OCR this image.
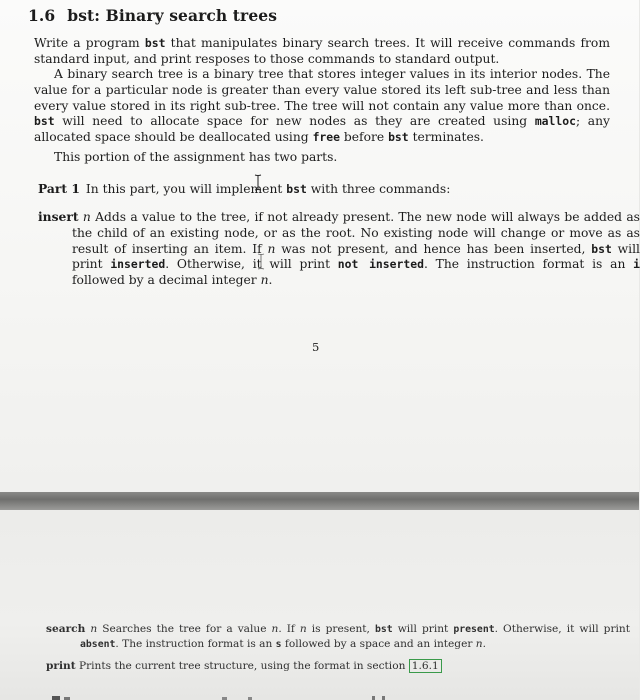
1.6 bst: Binary search trees

Write a program bst that manipulates binary search trees. It will receive commands from standard input, and print resposes to those commands to standard output.

A binary search tree is a binary tree that stores integer values in its interior nodes. The value for a particular node is greater than every value stored its left sub-tree and less than every value stored in its right sub-tree. The tree will not contain any value more than once. bst will need to allocate space for new nodes as they are created using malloc; any allocated space should be deallocated using free before bst terminates.

This portion of the assignment has two parts.

Part 1 In this part, you will implement bst with three commands:

insert n Adds a value to the tree, if not already present. The new node will always be added as the child of an existing node, or as the root. No existing node will change or move as as result of inserting an item. If n was not present, and hence has been inserted, bst will print inserted. Otherwise, it will print not inserted. The instruction format is an i followed by a decimal integer n.

5

search n Searches the tree for a value n. If n is present, bst will print present. Otherwise, it will print absent. The instruction format is an s followed by a space and an integer n.

print Prints the current tree structure, using the format in section 1.6.1
